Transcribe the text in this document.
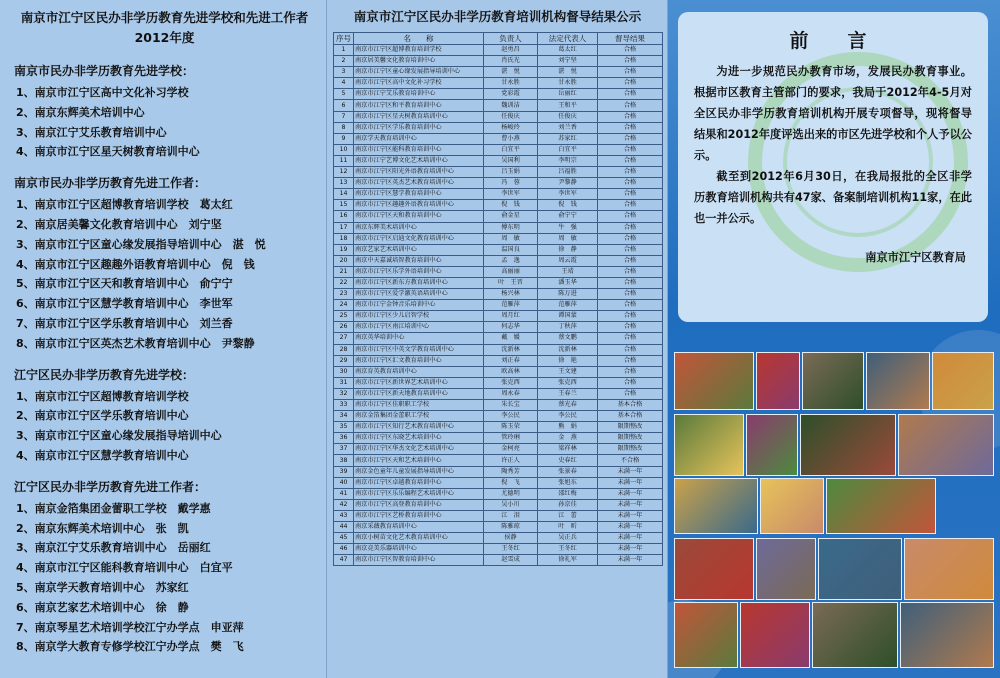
南京市江宁区民办非学历教育先进学校和先进工作者
2012年度
南京市民办非学历教育先进学校：
1、南京市江宁区高中文化补习学校
2、南京东辉美术培训中心
3、南京江宁艾乐教育培训中心
4、南京市江宁区星天树教育培训中心
南京市民办非学历教育先进工作者：
1、南京市江宁区超博教育培训学校　葛太红
2、南京居美馨文化教育培训中心　刘宁坚
3、南京市江宁区童心缘发展指导培训中心　湛　悦
4、南京市江宁区趣趣外语教育培训中心　倪　钱
5、南京市江宁区天和教育培训中心　俞宁宁
6、南京市江宁区慧学教育培训中心　李世军
7、南京市江宁区学乐教育培训中心　刘兰香
8、南京市江宁区英杰艺术教育培训中心　尹黎静
江宁区民办非学历教育先进学校：
1、南京市江宁区超博教育培训学校
2、南京市江宁区学乐教育培训中心
3、南京市江宁区童心缘发展指导培训中心
4、南京市江宁区慧学教育培训中心
江宁区民办非学历教育先进工作者：
1、南京金箔集团金蕾职工学校　戴学惠
2、南京东辉美术培训中心　张　凯
3、南京江宁艾乐教育培训中心　岳丽红
4、南京市江宁区能科教育培训中心　白宜平
5、南京学天教育培训中心　苏家红
6、南京艺家艺术培训中心　徐　静
7、南京琴星艺术培训学校江宁办学点　申亚萍
8、南京学大教育专修学校江宁办学点　樊　飞
南京市江宁区民办非学历教育培训机构督导结果公示
序号	名　　称	负责人	法定代表人	督导结果
1	南京市江宁区超博教育培训学校	赵勇昌	葛太红	合格
2	南京居美馨文化教育培训中心	肖氏光	刘宁坚	合格
3	南京市江宁区童心缘发展指导培训中心	湛　悦	湛　悦	合格
4	南京市江宁区高中文化补习学校	甘永胜	甘永胜	合格
5	南京市江宁艾乐教育培训中心	党彩霞	岳丽红	合格
6	南京市江宁区和平教育培训中心	魏训洁	王和平	合格
7	南京市江宁区星天树教育培训中心	任俊庆	任俊庆	合格
8	南京市江宁区学乐教育培训中心	杨峻玲	刘兰香	合格
9	南京学天教育培训中心	曹小燕	苏家红	合格
10	南京市江宁区能科教育培训中心	白宜平	白宜平	合格
11	南京市江宁艺博文化艺术培训中心	吴国利	李明宗	合格
12	南京市江宁区阳光外语教育培训中心	吕玉娟	吕福胜	合格
13	南京市江宁区英杰艺术教育培训中心	冯　蓉	尹黎静	合格
14	南京市江宁区慧学教育培训中心	李世军	李世军	合格
15	南京市江宁区趣趣外语教育培训中心	倪　钱	倪　钱	合格
16	南京市江宁区天和教育培训中心	俞金星	俞宁宁	合格
17	南京东辉美术培训中心	傅东明	牛　强	合格
18	南京市江宁区启迪文化教育培训中心	周　敏	周　敏	合格
19	南京艺家艺术培训中心	温国良	徐　静	合格
20	南京中天嘉诚培智教育培训中心	孟　逸	周云霞	合格
21	南京市江宁区乐学外语培训中心	高丽丽	王靖	合格
22	南京市江宁区新东方教育培训中心	叶　王晋	潘玉华	合格
23	南京市江宁区爱学激英语培训中心	杨兴林	陈万进	合格
24	南京市江宁金钟音乐培训中心	范雁萍	范雁萍	合格
25	南京市江宁区少儿启智学校	周月红	谭国蒙	合格
26	南京市江宁区南江培训中心	何志华	丁秋萍	合格
27	南京英华培训中心	戴　媛	蔡文鹏	合格
28	南京市江宁区中英文学教育培训中心	沈新林	沈新林	合格
29	南京市江宁区汇文教育培训中心	刘正春	徐　艳	合格
30	南京育英教育培训中心	欧高林	王文建	合格
31	南京市江宁区新世界艺术培训中心	张克西	张克西	合格
32	南京市江宁区新天地教育培训中心	周永春	王春兰	合格
33	南京市江宁区佳职职工学校	朱长宝	蔡光春	基本合格
34	南京金箔集团金蕾职工学校	李公民	李公民	基本合格
35	南京市江宁区知行艺术教育培训中心	陈玉荣	熊　娟	限期整改
36	南京市江宁区东晓艺术培训中心	管玲琍	金　燕	限期整改
37	南京市江宁区华杰文化艺术培训中心	金柯亮	梁祥林	限期整改
38	南京市江宁区天和艺术培训中心	许正人	史春红	不合格
39	南京金色童年儿童发展指导培训中心	陶秀芳	张景春	未满一年
40	南京市江宁区卓越教育培训中心	倪　飞	张旭东	未满一年
41	南京市江宁区乐乐编程艺术培训中心	尤德明	邵红梅	未满一年
42	南京市江宁区高登教育培训中心	吴小川	孙京佳	未满一年
43	南京市江宁区艺桥教育培训中心	江　泪	江　蕾	未满一年
44	南京采薇教育培训中心	陈雅琼	叶　昕	未满一年
45	南京小树苗文化艺术教育培训中心	侯静	吴正兵	未满一年
46	南京竞美乐器培训中心	王冬红	王冬红	未满一年
47	南京市江宁区智教育培训中心	赵雪成	徐礼军	未满一年
前　言

为进一步规范民办教育市场，发展民办教育事业。根据市区教育主管部门的要求，我局于2012年4-5月对全区民办非学历教育培训机构开展专项督导，现将督导结果和2012年度评选出来的市区先进学校和个人予以公示。

截至到2012年6月30日，在我局报批的全区非学历教育培训机构共有47家、备案制培训机构11家，在此也一并公示。

南京市江宁区教育局
